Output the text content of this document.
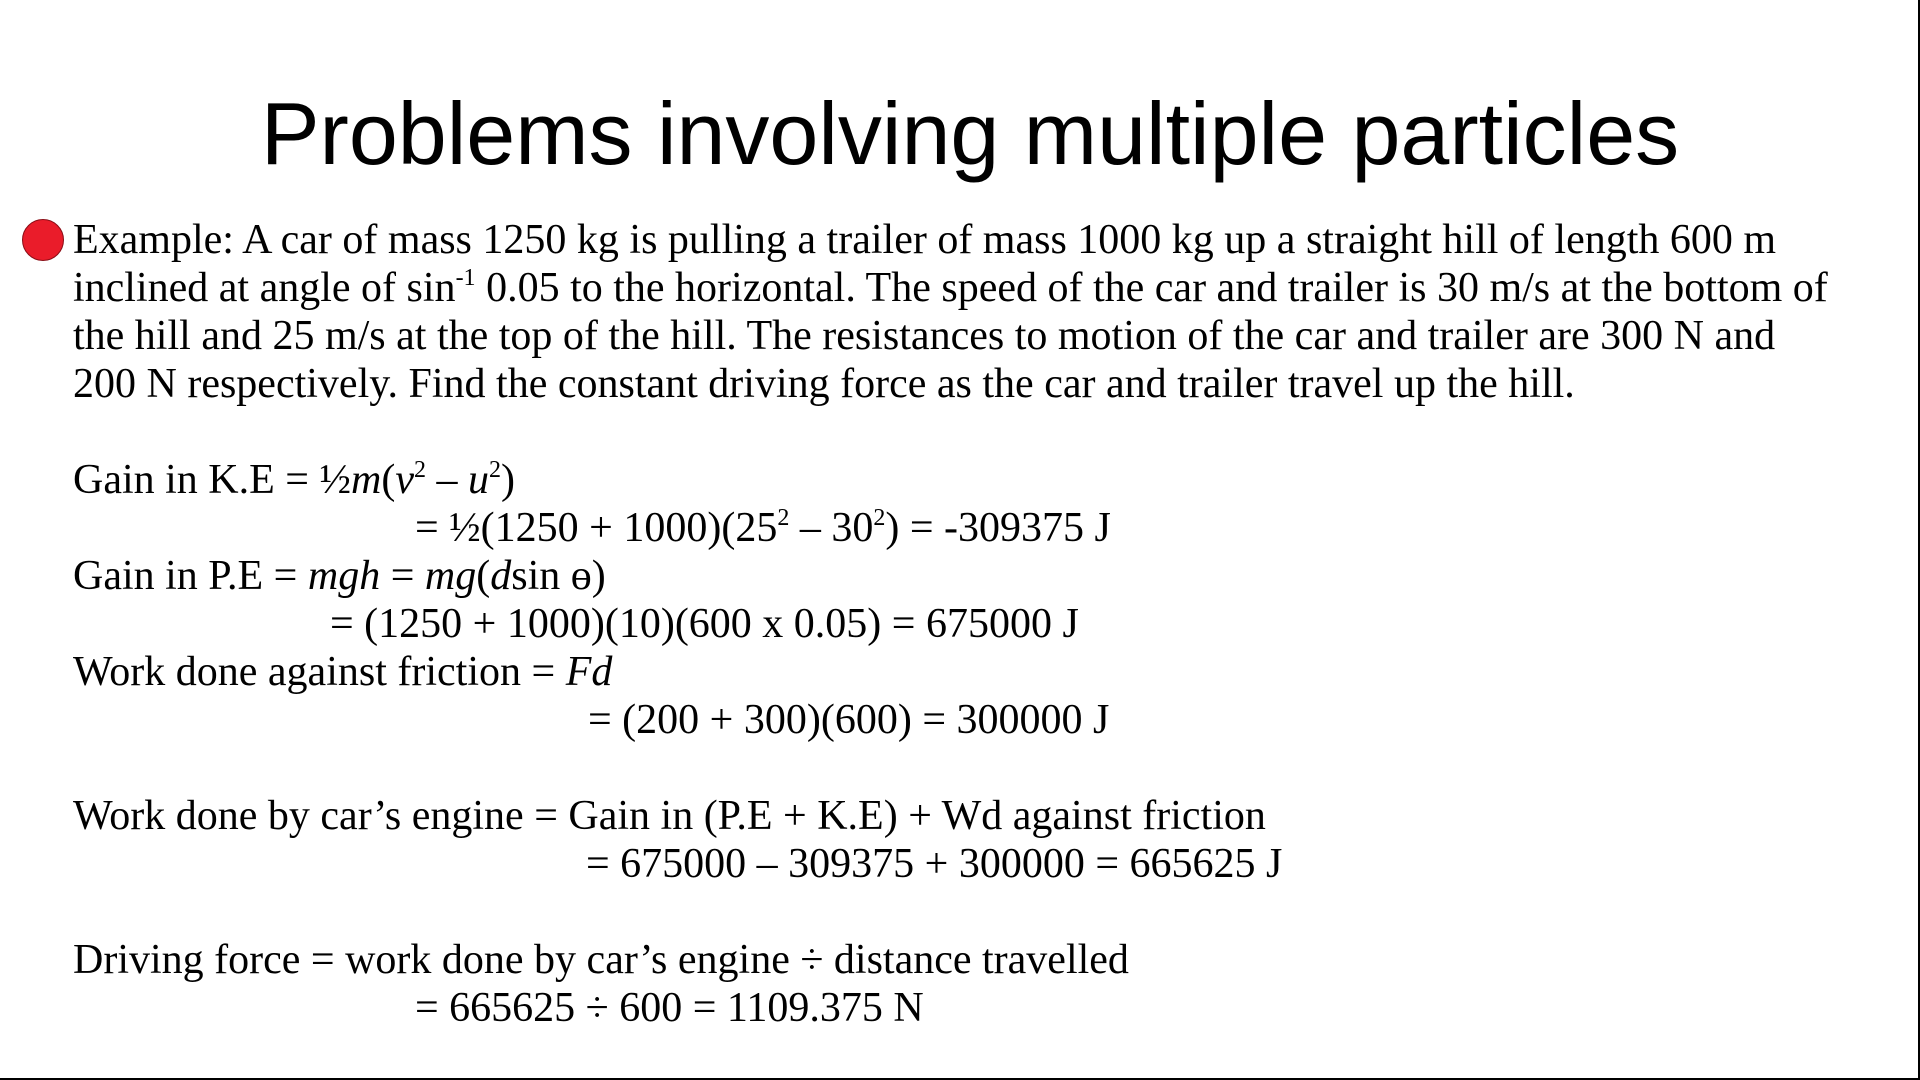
Problems involving multiple particles
Example: A car of mass 1250 kg is pulling a trailer of mass 1000 kg up a straight hill of length 600 m
inclined at angle of $\sin^{-1} 0.05$ to the horizontal. The speed of the car and trailer is 30 m/s at the bottom of
the hill and 25 m/s at the top of the hill. The resistances to motion of the car and trailer are 300 N and
200 N respectively. Find the constant driving force as the car and trailer travel up the hill.
Gain in $K.E = \frac{1}{2}m(v^2 - u^2)$
= ½(1250 + $1000)(25^2 - 30^2) = -309375$ J
Gain in P.E = mgh = mg(dsin ɵ)
= (1250 + 1000)(10)(600 x 0.05) = 675000 J
Work done against friction = Fd
= (200 + 300)(600) = 300000 J
Work done by car’s engine = Gain in (P.E + K.E) + Wd against friction
= 675000 – 309375 + 300000 = 665625 J
Driving force = work done by car’s engine ÷ distance travelled
= 665625 ÷ 600 = 1109.375 N
